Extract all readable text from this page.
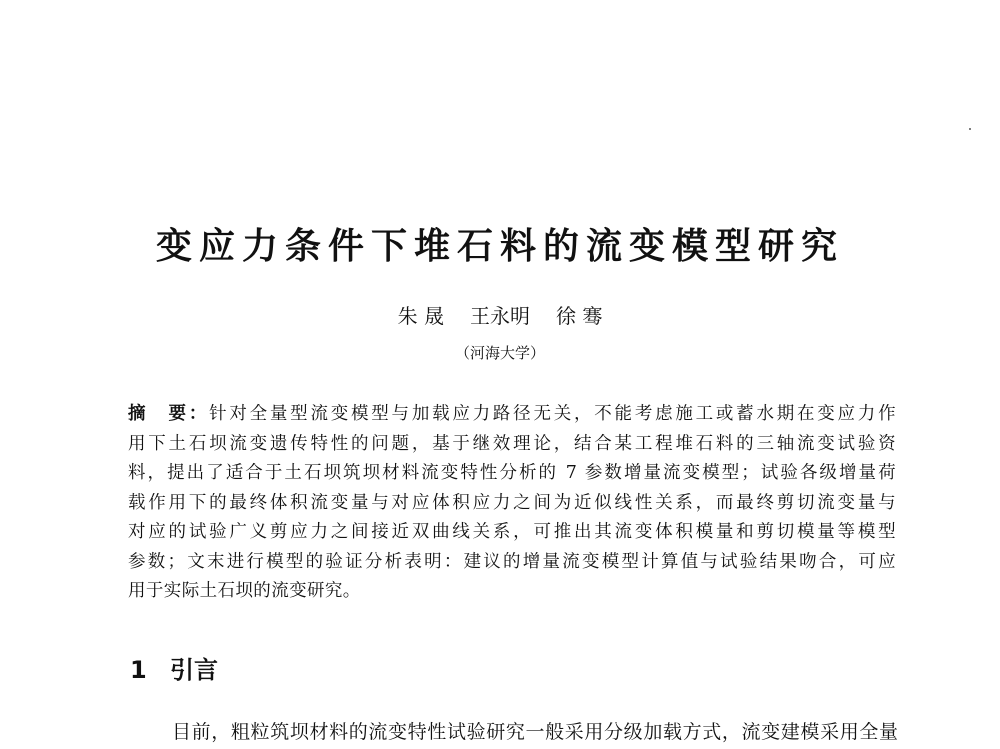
变应力条件下堆石料的流变模型研究
朱 晟 王永明 徐 骞
（河海大学）
摘　要：针对全量型流变模型与加载应力路径无关，不能考虑施工或蓄水期在变应力作
用下土石坝流变遗传特性的问题，基于继效理论，结合某工程堆石料的三轴流变试验资
料，提出了适合于土石坝筑坝材料流变特性分析的 7 参数增量流变模型；试验各级增量荷
载作用下的最终体积流变量与对应体积应力之间为近似线性关系，而最终剪切流变量与
对应的试验广义剪应力之间接近双曲线关系，可推出其流变体积模量和剪切模量等模型
参数；文末进行模型的验证分析表明：建议的增量流变模型计算值与试验结果吻合，可应
用于实际土石坝的流变研究。
1 引言
目前，粗粒筑坝材料的流变特性试验研究一般采用分级加载方式，流变建模采用全量
